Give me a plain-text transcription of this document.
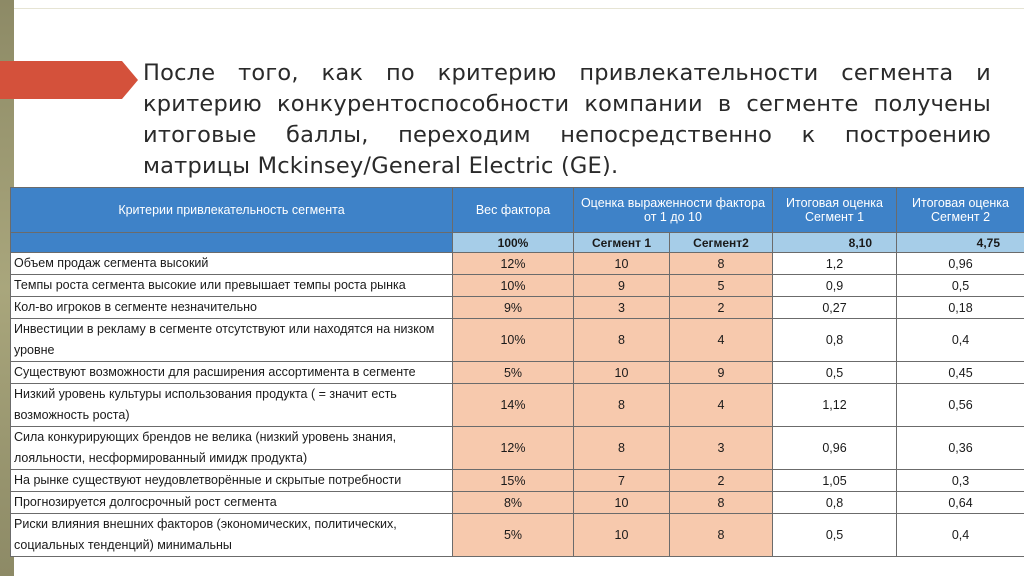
После того, как по критерию привлекательности сегмента и критерию конкурентоспособности компании в сегменте получены итоговые баллы, переходим непосредственно к построению матрицы Mckinsey/General Electric (GE).

Критерии привлекательность сегмента	Вес фактора	Оценка выраженности фактора от 1 до 10		Итоговая оценка Сегмент 1	Итоговая оценка Сегмент 2
	100%	Сегмент 1	Сегмент2	8,10	4,75
Объем продаж сегмента высокий	12%	10	8	1,2	0,96
Темпы роста сегмента высокие или превышает темпы роста рынка	10%	9	5	0,9	0,5
Кол-во игроков в сегменте незначительно	9%	3	2	0,27	0,18
Инвестиции в рекламу в сегменте отсутствуют или находятся на низком уровне	10%	8	4	0,8	0,4
Существуют возможности для расширения ассортимента в сегменте	5%	10	9	0,5	0,45
Низкий уровень культуры использования продукта ( = значит есть возможность роста)	14%	8	4	1,12	0,56
Сила конкурирующих брендов не велика (низкий уровень знания, лояльности, несформированный имидж продукта)	12%	8	3	0,96	0,36
На рынке существуют неудовлетворённые и скрытые потребности	15%	7	2	1,05	0,3
Прогнозируется долгосрочный рост сегмента	8%	10	8	0,8	0,64
Риски влияния внешних факторов (экономических, политических, социальных тенденций) минимальны	5%	10	8	0,5	0,4
